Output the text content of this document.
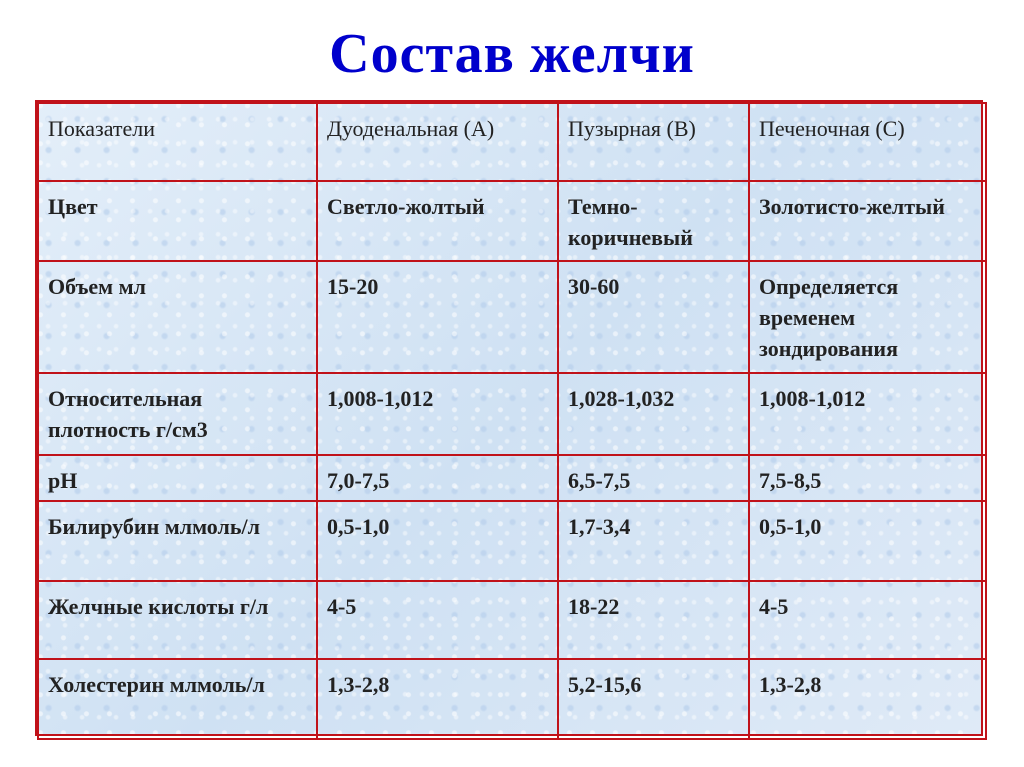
Состав желчи
Показатели	Дуоденальная (А)	Пузырная (В)	Печеночная (С)
Цвет	Светло-жолтый	Темно-коричневый	Золотисто-желтый
Объем мл	15-20	30-60	Определяется временем зондирования
Относительная плотность г/см3	1,008-1,012	1,028-1,032	1,008-1,012
pH	7,0-7,5	6,5-7,5	7,5-8,5
Билирубин млмоль/л	0,5-1,0	1,7-3,4	0,5-1,0
Желчные кислоты г/л	4-5	18-22	4-5
Холестерин млмоль/л	1,3-2,8	5,2-15,6	1,3-2,8
